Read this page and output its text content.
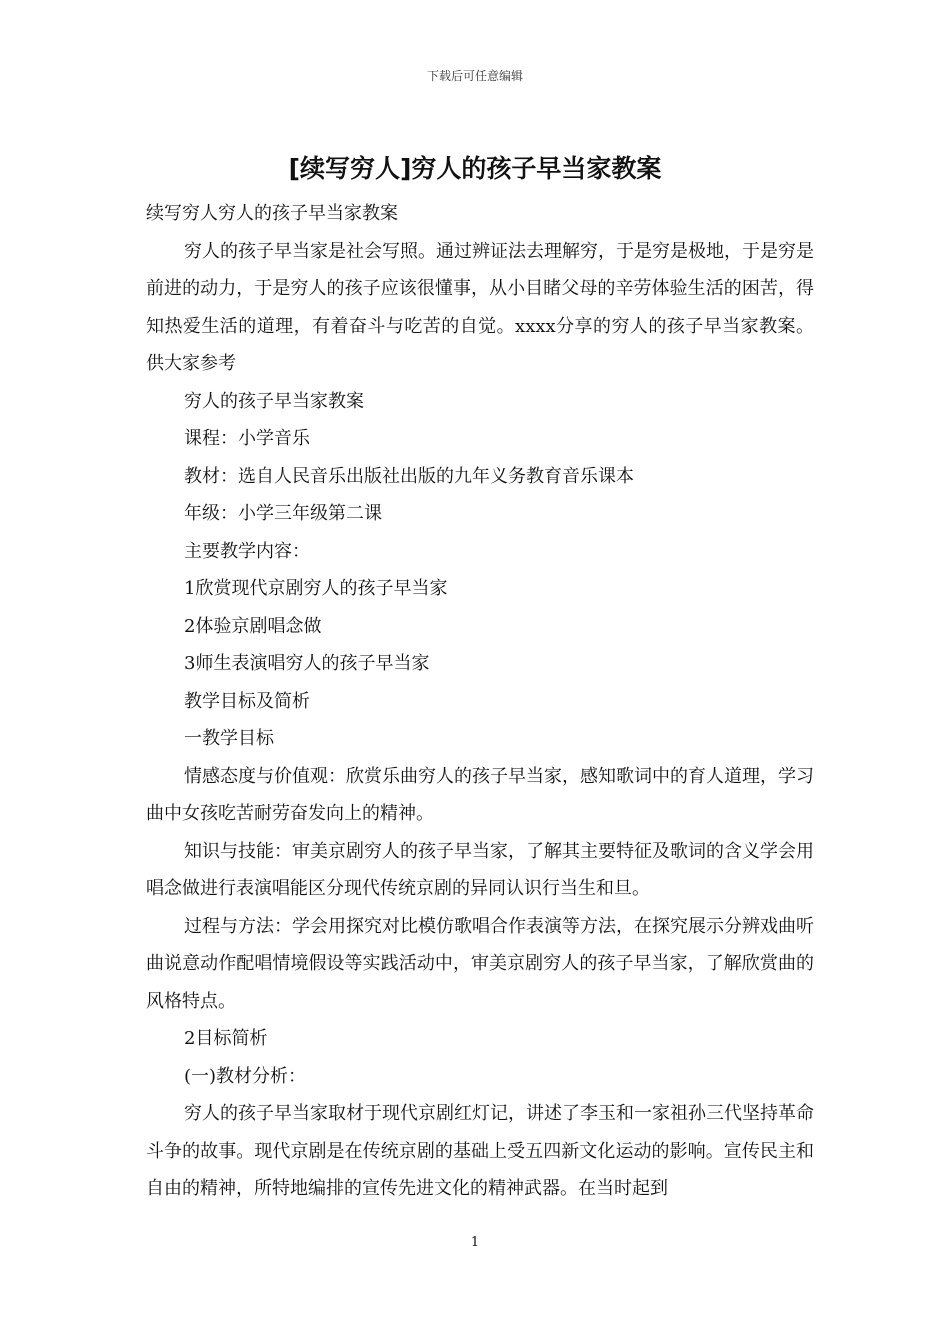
下载后可任意编辑
[续写穷人]穷人的孩子早当家教案

续写穷人穷人的孩子早当家教案

穷人的孩子早当家是社会写照。通过辨证法去理解穷，于是穷是极地，于是穷是前进的动力，于是穷人的孩子应该很懂事，从小目睹父母的辛劳体验生活的困苦，得知热爱生活的道理，有着奋斗与吃苦的自觉。xxxx分享的穷人的孩子早当家教案。供大家参考

穷人的孩子早当家教案

课程：小学音乐

教材：选自人民音乐出版社出版的九年义务教育音乐课本

年级：小学三年级第二课

主要教学内容：

1欣赏现代京剧穷人的孩子早当家

2体验京剧唱念做

3师生表演唱穷人的孩子早当家

教学目标及简析

一教学目标

情感态度与价值观：欣赏乐曲穷人的孩子早当家，感知歌词中的育人道理，学习曲中女孩吃苦耐劳奋发向上的精神。

知识与技能：审美京剧穷人的孩子早当家，了解其主要特征及歌词的含义学会用唱念做进行表演唱能区分现代传统京剧的异同认识行当生和旦。

过程与方法：学会用探究对比模仿歌唱合作表演等方法，在探究展示分辨戏曲听曲说意动作配唱情境假设等实践活动中，审美京剧穷人的孩子早当家，了解欣赏曲的风格特点。

2目标简析

(一)教材分析：

穷人的孩子早当家取材于现代京剧红灯记，讲述了李玉和一家祖孙三代坚持革命斗争的故事。现代京剧是在传统京剧的基础上受五四新文化运动的影响。宣传民主和自由的精神，所特地编排的宣传先进文化的精神武器。在当时起到

1
